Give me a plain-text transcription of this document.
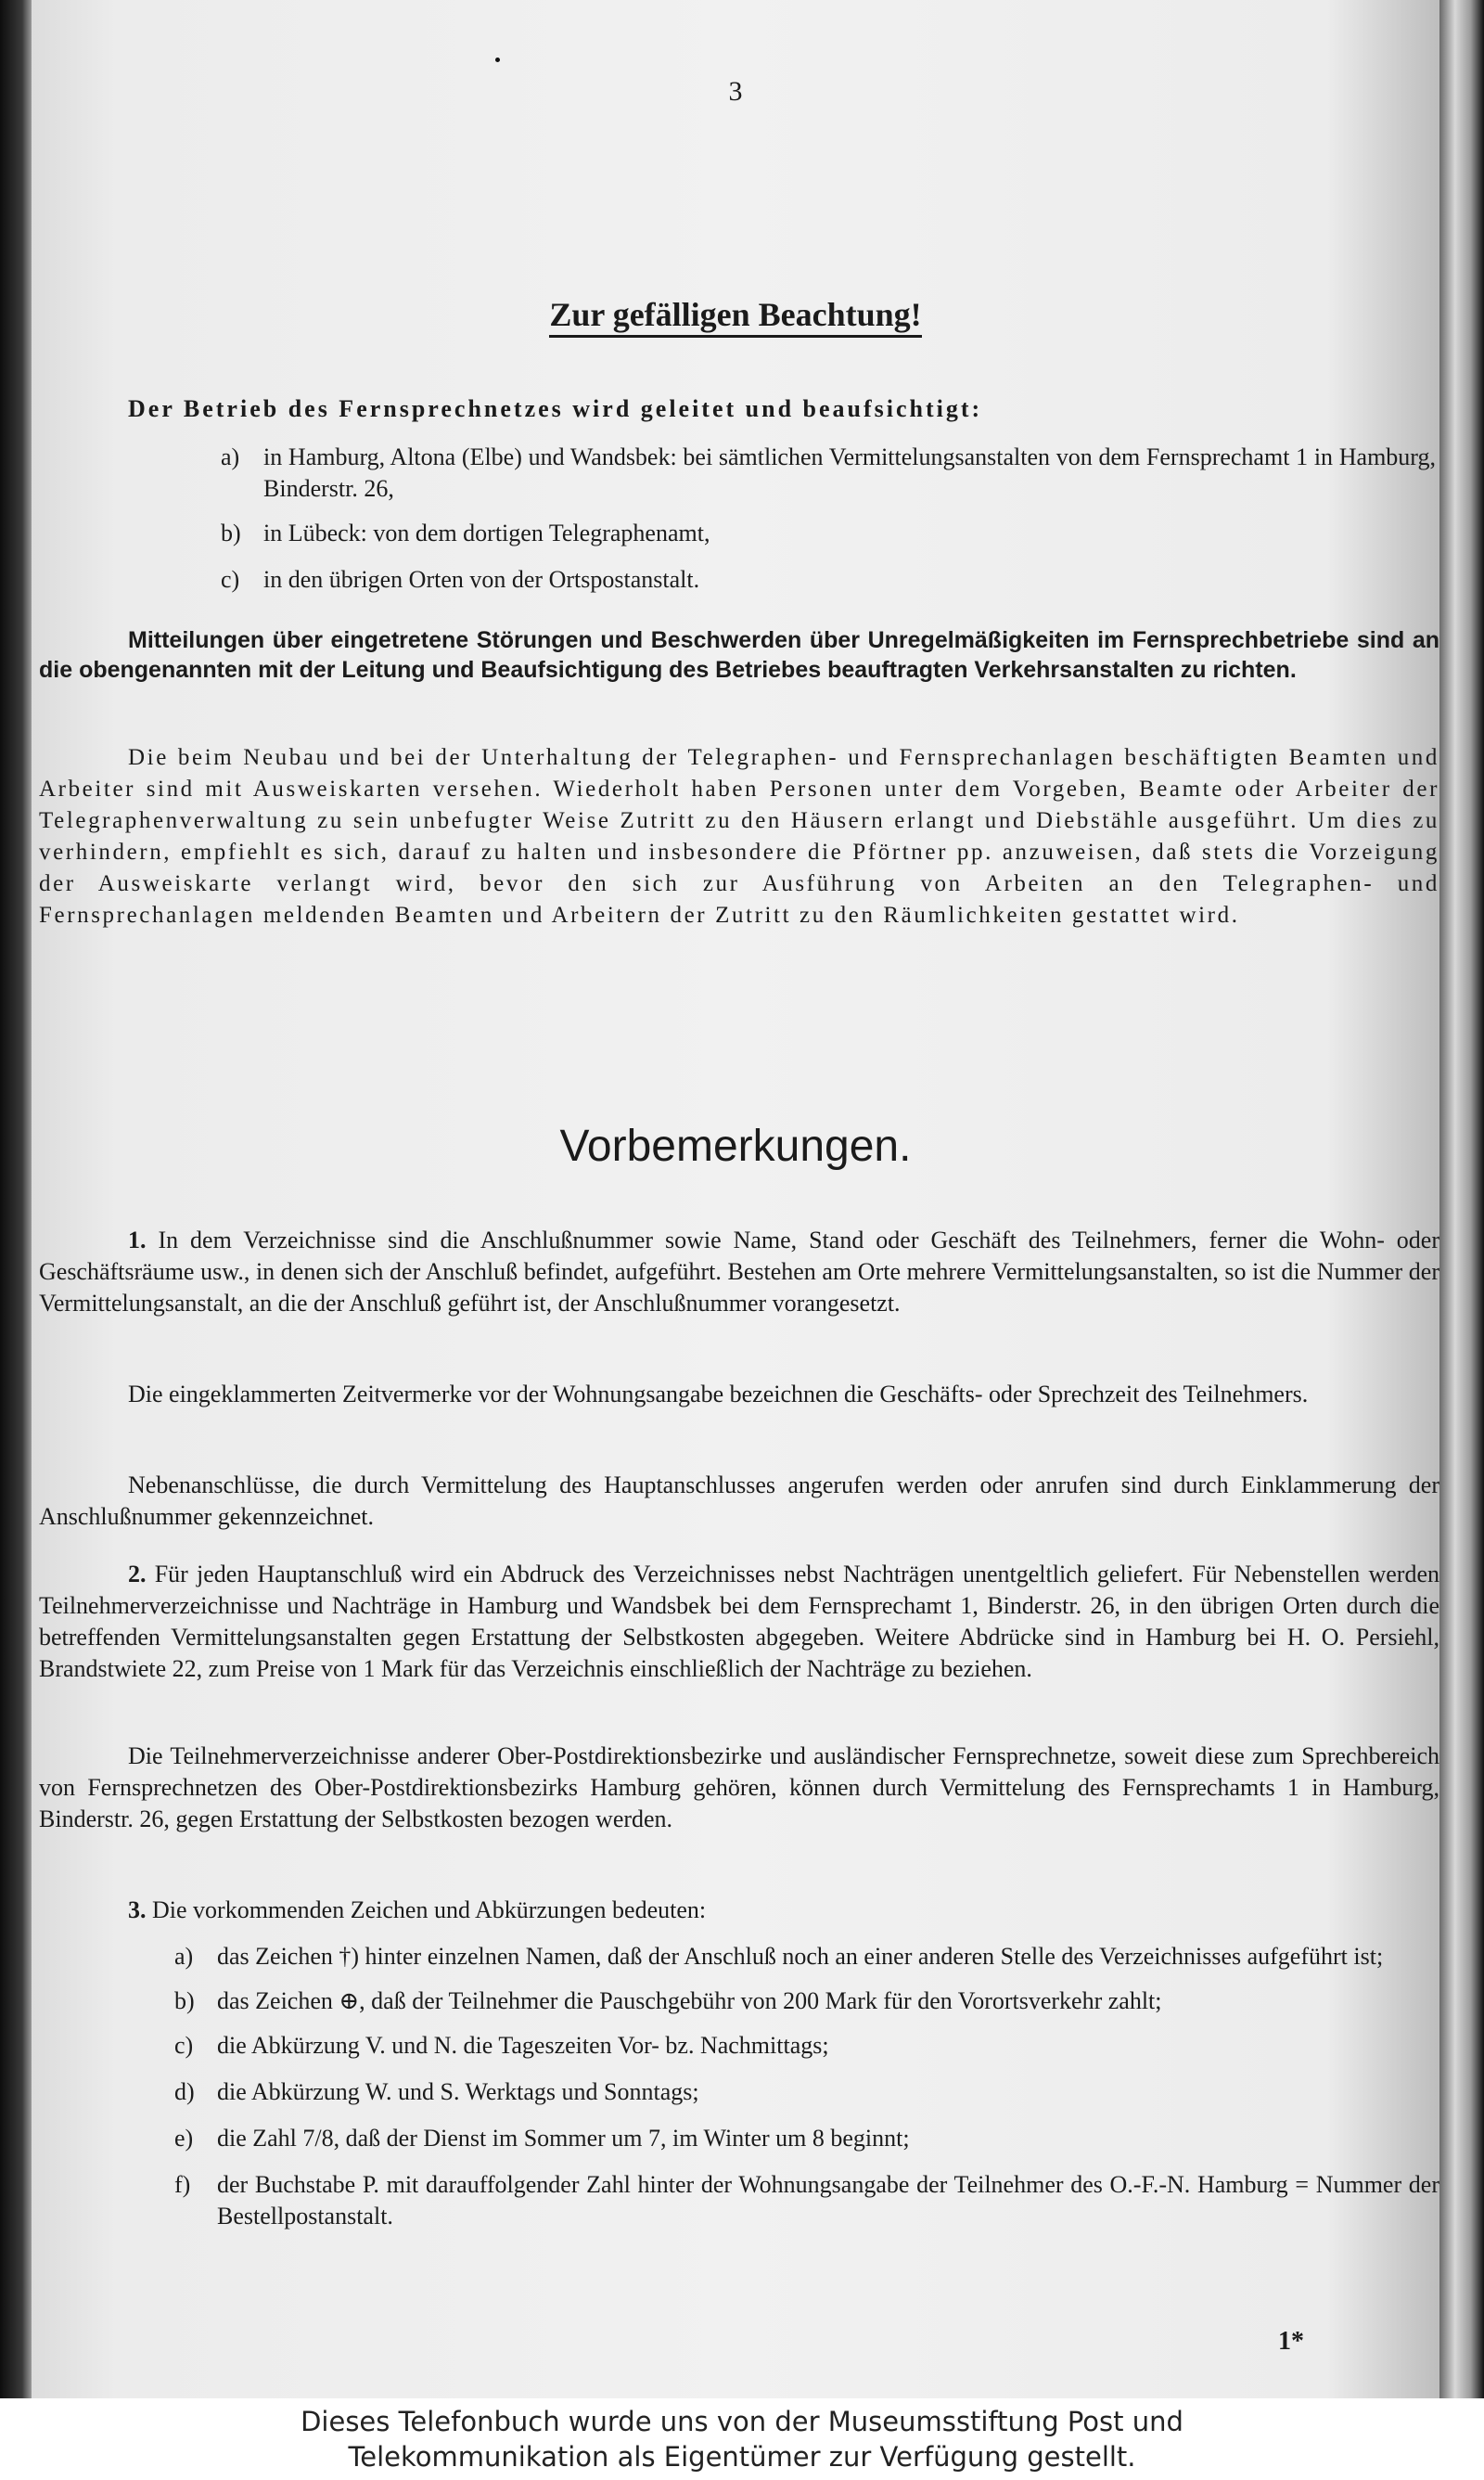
3
Zur gefälligen Beachtung!
Der Betrieb des Fernsprechnetzes wird geleitet und beaufsichtigt:
a) in Hamburg, Altona (Elbe) und Wandsbek: bei sämtlichen Vermittelungsanstalten von dem Fernsprechamt 1 in Hamburg, Binderstr. 26,
b) in Lübeck: von dem dortigen Telegraphenamt,
c) in den übrigen Orten von der Ortspostanstalt.
Mitteilungen über eingetretene Störungen und Beschwerden über Unregelmäßigkeiten im Fernsprechbetriebe sind an die obengenannten mit der Leitung und Beaufsichtigung des Betriebes beauftragten Verkehrsanstalten zu richten.
Die beim Neubau und bei der Unterhaltung der Telegraphen- und Fernsprechanlagen beschäftigten Beamten und Arbeiter sind mit Ausweiskarten versehen. Wiederholt haben Personen unter dem Vorgeben, Beamte oder Arbeiter der Telegraphenverwaltung zu sein unbefugter Weise Zutritt zu den Häusern erlangt und Diebstähle ausgeführt. Um dies zu verhindern, empfiehlt es sich, darauf zu halten und insbesondere die Pförtner pp. anzuweisen, daß stets die Vorzeigung der Ausweiskarte verlangt wird, bevor den sich zur Ausführung von Arbeiten an den Telegraphen- und Fernsprechanlagen meldenden Beamten und Arbeitern der Zutritt zu den Räumlichkeiten gestattet wird.
Vorbemerkungen.
1. In dem Verzeichnisse sind die Anschlußnummer sowie Name, Stand oder Geschäft des Teilnehmers, ferner die Wohn- oder Geschäftsräume usw., in denen sich der Anschluß befindet, aufgeführt. Bestehen am Orte mehrere Vermittelungsanstalten, so ist die Nummer der Vermittelungsanstalt, an die der Anschluß geführt ist, der Anschlußnummer vorangesetzt.
Die eingeklammerten Zeitvermerke vor der Wohnungsangabe bezeichnen die Geschäfts- oder Sprechzeit des Teilnehmers.
Nebenanschlüsse, die durch Vermittelung des Hauptanschlusses angerufen werden oder anrufen sind durch Einklammerung der Anschlußnummer gekennzeichnet.
2. Für jeden Hauptanschluß wird ein Abdruck des Verzeichnisses nebst Nachträgen unentgeltlich geliefert. Für Nebenstellen werden Teilnehmerverzeichnisse und Nachträge in Hamburg und Wandsbek bei dem Fernsprechamt 1, Binderstr. 26, in den übrigen Orten durch die betreffenden Vermittelungsanstalten gegen Erstattung der Selbstkosten abgegeben. Weitere Abdrücke sind in Hamburg bei H. O. Persiehl, Brandstwiete 22, zum Preise von 1 Mark für das Verzeichnis einschließlich der Nachträge zu beziehen.
Die Teilnehmerverzeichnisse anderer Ober-Postdirektionsbezirke und ausländischer Fernsprechnetze, soweit diese zum Sprechbereich von Fernsprechnetzen des Ober-Postdirektionsbezirks Hamburg gehören, können durch Vermittelung des Fernsprechamts 1 in Hamburg, Binderstr. 26, gegen Erstattung der Selbstkosten bezogen werden.
3. Die vorkommenden Zeichen und Abkürzungen bedeuten:
a) das Zeichen †) hinter einzelnen Namen, daß der Anschluß noch an einer anderen Stelle des Verzeichnisses aufgeführt ist;
b) das Zeichen ⊕, daß der Teilnehmer die Pauschgebühr von 200 Mark für den Vorortsverkehr zahlt;
c) die Abkürzung V. und N. die Tageszeiten Vor- bz. Nachmittags;
d) die Abkürzung W. und S. Werktags und Sonntags;
e) die Zahl 7/8, daß der Dienst im Sommer um 7, im Winter um 8 beginnt;
f)	der Buchstabe P. mit darauffolgender Zahl hinter der Wohnungsangabe der Teilnehmer des O.-F.-N. Hamburg = Nummer der Bestellpostanstalt.
1*
Dieses Telefonbuch wurde uns von der Museumsstiftung Post und
Telekommunikation als Eigentümer zur Verfügung gestellt.
